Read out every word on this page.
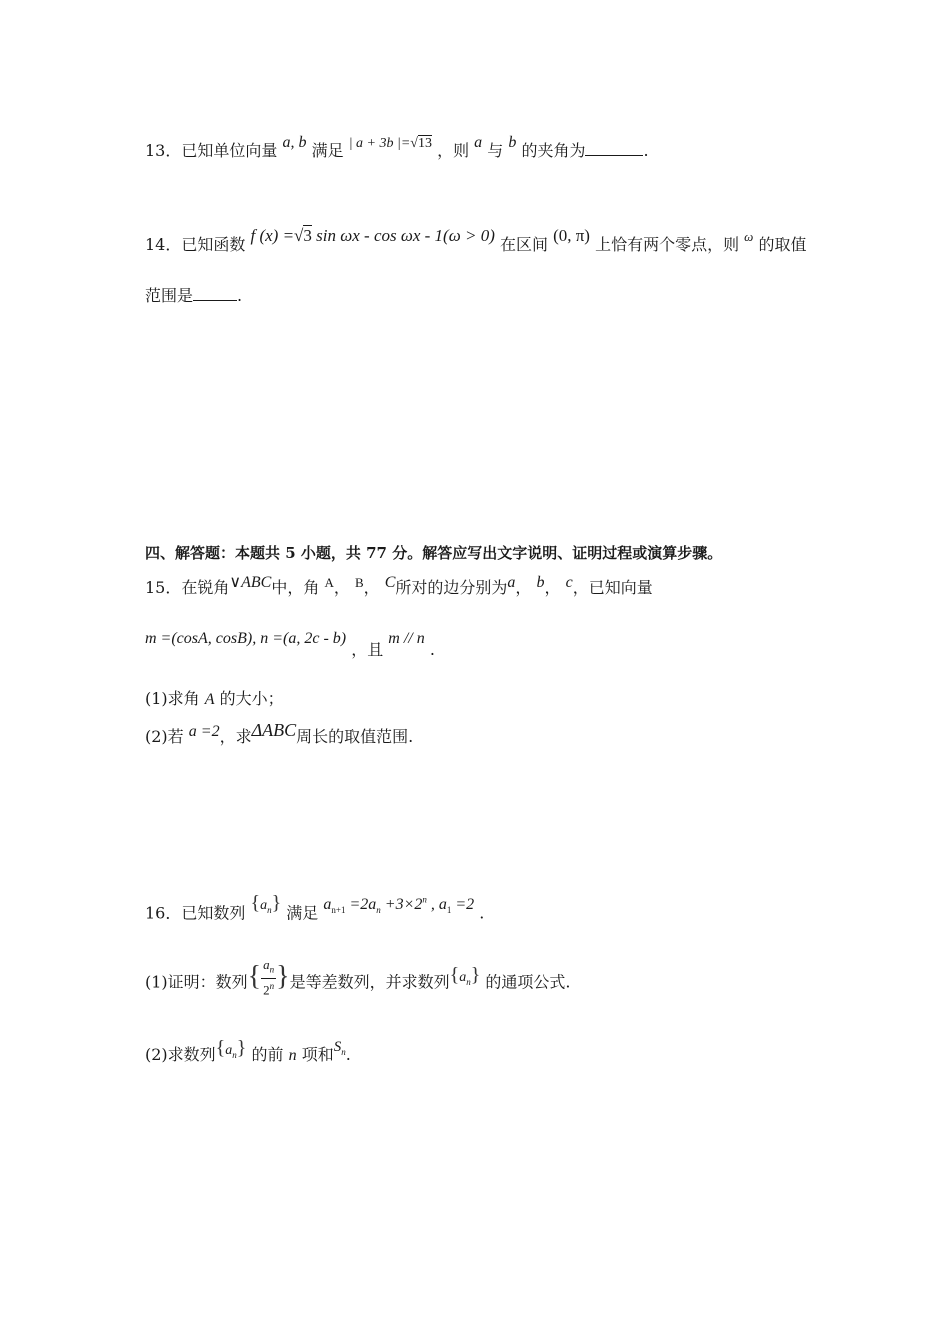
13．已知单位向量 a, b 满足 | a + 3b |=√13 ，则 a 与 b 的夹角为	.
14．已知函数 f (x) =√3 sin ωx - cos ωx - 1(ω > 0) 在区间 (0, π) 上恰有两个零点，则 $^\omega$ 的取值
范围是	.
四、解答题：本题共 5 小题，共 77 分。解答应写出文字说明、证明过程或演算步骤。
15．在锐角∨ABC中，角 $^A$， $^B$， C所对的边分别为a， b， c，已知向量
m =(cosA, cosB), n =(a, 2c - b) ，且 m // n .
(1)求角 A 的大小；
(2)若 a =2，求ΔABC周长的取值范围.
16．已知数列 $\{a_n\}$ 满足 $a_{n+1} =2a_n +3\times 2^n$ , $a_1 =2$ .
(1)证明：数列 { $\frac{a_n}{2^n}$ } 是等差数列，并求数列$\{a_n\}$ 的通项公式.
(2)求数列$\{a_n\}$ 的前 n 项和$S_n$.
